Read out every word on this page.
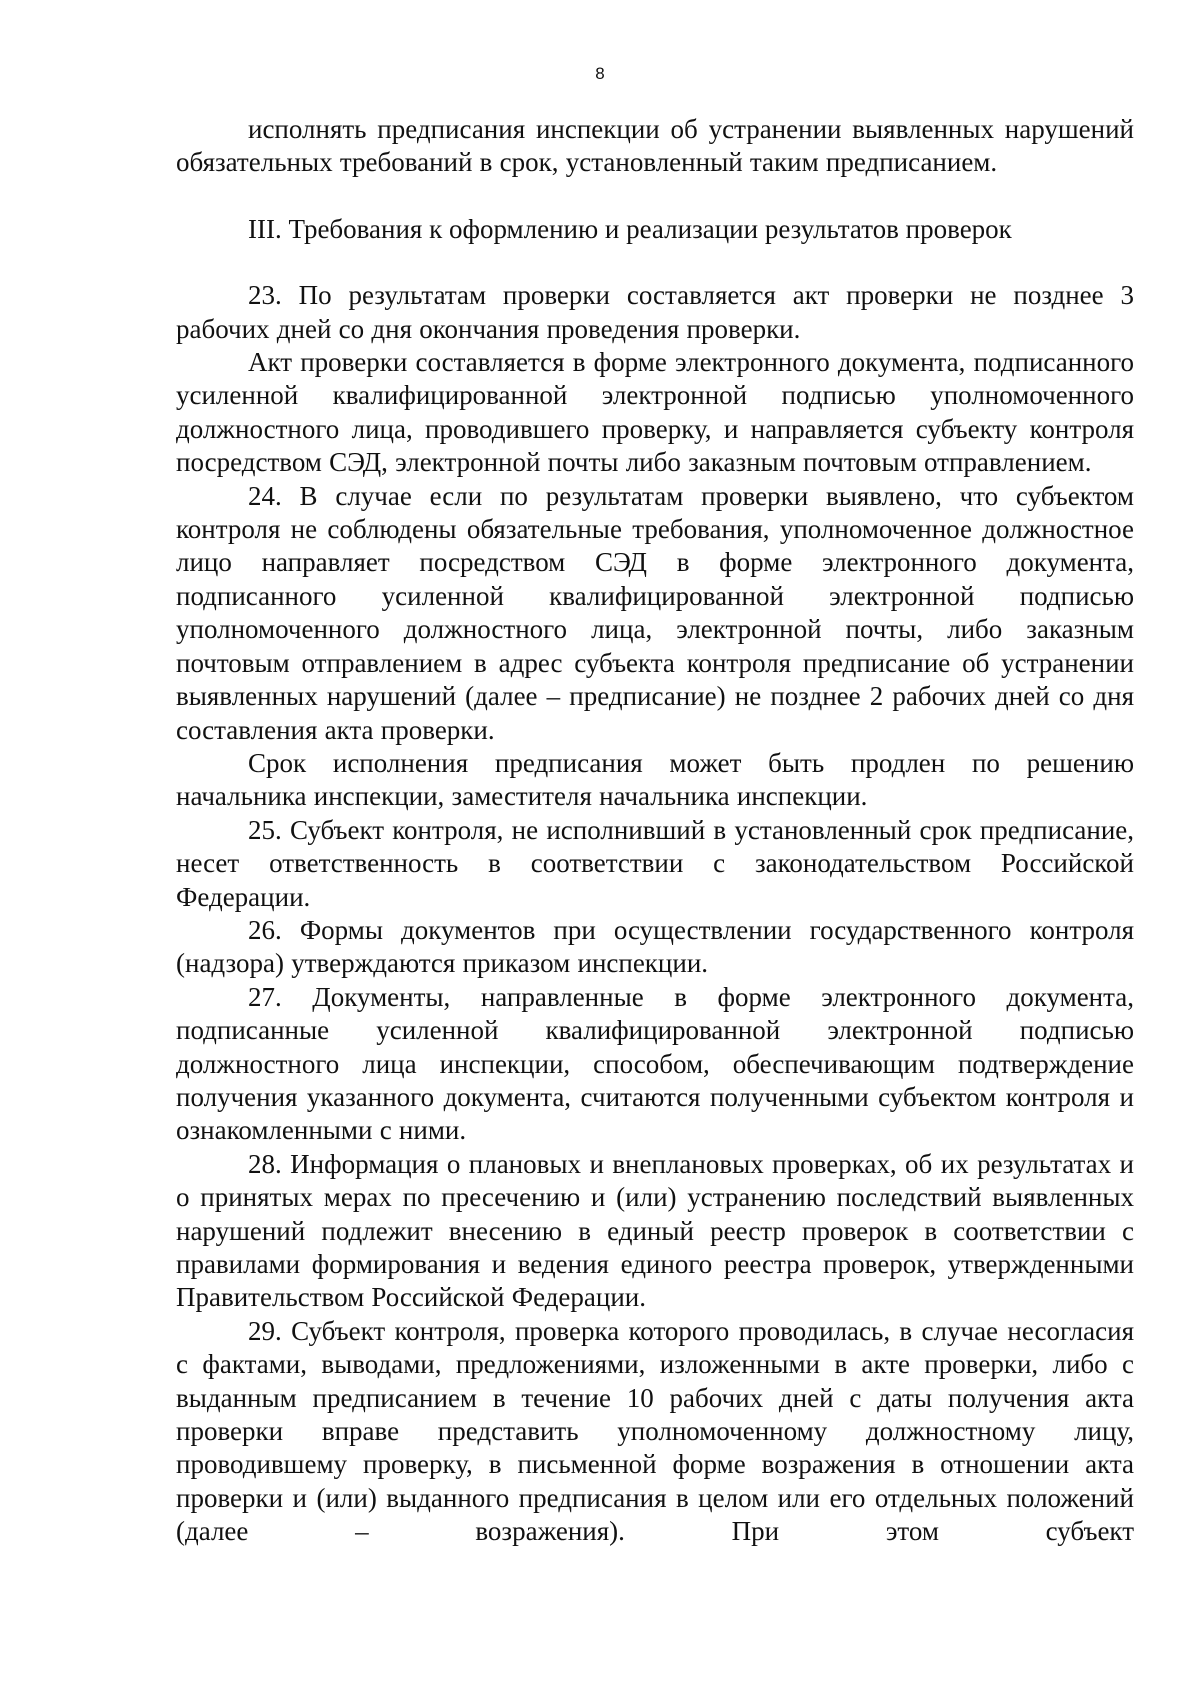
8

исполнять предписания инспекции об устранении выявленных нарушений обязательных требований в срок, установленный таким предписанием.

III. Требования к оформлению и реализации результатов проверок

23. По результатам проверки составляется акт проверки не позднее 3 рабочих дней со дня окончания проведения проверки.

Акт проверки составляется в форме электронного документа, подписанного усиленной квалифицированной электронной подписью уполномоченного должностного лица, проводившего проверку, и направляется субъекту контроля посредством СЭД, электронной почты либо заказным почтовым отправлением.

24. В случае если по результатам проверки выявлено, что субъектом контроля не соблюдены обязательные требования, уполномоченное должностное лицо направляет посредством СЭД в форме электронного документа, подписанного усиленной квалифицированной электронной подписью уполномоченного должностного лица, электронной почты, либо заказным почтовым отправлением в адрес субъекта контроля предписание об устранении выявленных нарушений (далее – предписание) не позднее 2 рабочих дней со дня составления акта проверки.

Срок исполнения предписания может быть продлен по решению начальника инспекции, заместителя начальника инспекции.

25. Субъект контроля, не исполнивший в установленный срок предписание, несет ответственность в соответствии с законодательством Российской Федерации.

26. Формы документов при осуществлении государственного контроля (надзора) утверждаются приказом инспекции.

27. Документы, направленные в форме электронного документа, подписанные усиленной квалифицированной электронной подписью должностного лица инспекции, способом, обеспечивающим подтверждение получения указанного документа, считаются полученными субъектом контроля и ознакомленными с ними.

28. Информация о плановых и внеплановых проверках, об их результатах и о принятых мерах по пресечению и (или) устранению последствий выявленных нарушений подлежит внесению в единый реестр проверок в соответствии с правилами формирования и ведения единого реестра проверок, утвержденными Правительством Российской Федерации.

29. Субъект контроля, проверка которого проводилась, в случае несогласия с фактами, выводами, предложениями, изложенными в акте проверки, либо с выданным предписанием в течение 10 рабочих дней с даты получения акта проверки вправе представить уполномоченному должностному лицу, проводившему проверку, в письменной форме возражения в отношении акта проверки и (или) выданного предписания в целом или его отдельных положений (далее – возражения). При этом субъект
